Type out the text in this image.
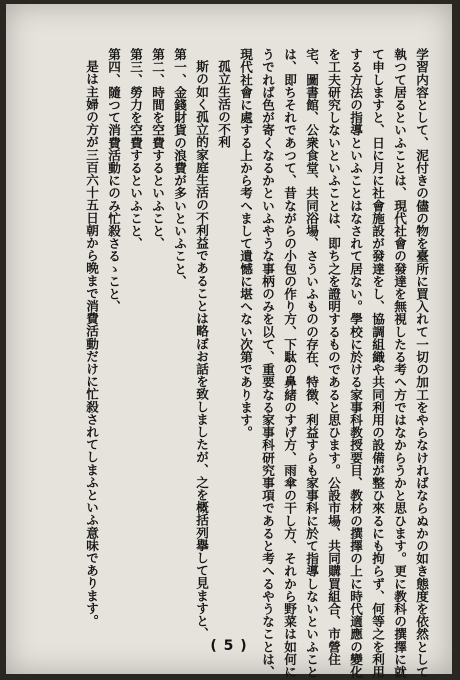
学習内容として、泥付きの儘の物を臺所に買入れて一切の加工をやらなければならぬかの如き態度を依然として
執つて居るといふことは、現代社會の發達を無視したる考へ方ではなからうかと思ひます。更に教科の撰擇に就
て申しますと、日に月に社會施設が發達をし、協調組織や共同利用の設備が整ひ來るにも拘らず、何等之を利用
する方法の指導といふことはなされて居ない。學校に於ける家事科教授要目、教材の撰擇の上に時代適應の變化
を工夫研究しないといふことは、即ち之を證明するものであると思ひます。公設市場、共同購買組合、市營住
宅、圖書館、公衆食堂、共同浴場、さういふものの存在、特徴、利益すらも家事科に於て指導しないといふこと
は、即ちそれであつて、昔ながらの小包の作り方、下駄の鼻緒のすげ方、雨傘の干し方、それから野菜は如何に
うでれば色が寄くなるかといふやうな事柄のみを以て、重要なる家事科研究事項であると考へるやうなことは、
現代社會に處する上から考へまして遺憾に堪へない次第であります。
孤立生活の不利
斯の如く孤立的家庭生活の不利益であることは略ぼお話を致しましたが、之を概括列擧して見ますと、
第一、金錢財貨の浪費が多いといふこと、
第二、時間を空費するといふこと、
第三、勞力を空費するといふこと、
第四、隨つて消費活動にのみ忙殺さるゝこと、
是は主婦の方が三百六十五日朝から晩まで消費活動だけに忙殺されてしまふといふ意味であります。
( 5 )
